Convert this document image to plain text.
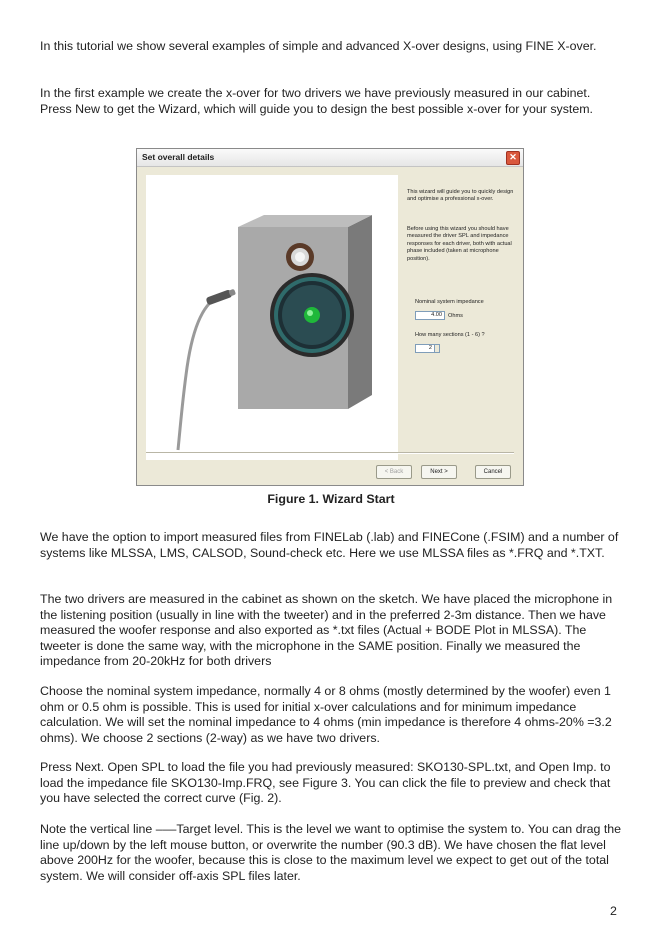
In this tutorial we show several examples of simple and advanced X-over designs, using FINE X-over.

In the first example we create the x-over for two drivers we have previously measured in our cabinet. Press New to get the Wizard, which will guide you to design the best possible x-over for your system.

Set overall details	✕

This wizard will guide you to quickly design and optimise a professional x-over.

Before using this wizard you should have measured the driver SPL and impedance responses for each driver, both with actual phase included (taken at microphone position).

Nominal system impedance
4.00	Ohms
How many sections (1 - 6) ?
2
< Back	Next >	Cancel
Figure 1. Wizard Start

We have the option to import measured files from FINELab (.lab) and FINECone (.FSIM) and a number of systems like MLSSA, LMS, CALSOD, Sound-check etc. Here we use MLSSA files as *.FRQ and *.TXT.

The two drivers are measured in the cabinet as shown on the sketch. We have placed the microphone in the listening position (usually in line with the tweeter) and in the preferred 2-3m distance. Then we have measured the woofer response and also exported as *.txt files (Actual + BODE Plot in MLSSA). The tweeter is done the same way, with the microphone in the SAME position. Finally we measured the impedance from 20-20kHz for both drivers

Choose the nominal system impedance, normally 4 or 8 ohms (mostly determined by the woofer) even 1 ohm or 0.5 ohm is possible. This is used for initial x-over calculations and for minimum impedance calculation. We will set the nominal impedance to 4 ohms (min impedance is therefore 4 ohms-20% =3.2 ohms). We choose 2 sections (2-way) as we have two drivers.

Press Next. Open SPL to load the file you had previously measured: SKO130-SPL.txt, and Open Imp. to load the impedance file SKO130-Imp.FRQ, see Figure 3. You can click the file to preview and check that you have selected the correct curve (Fig. 2).

Note the vertical line –––Target level. This is the level we want to optimise the system to. You can drag the line up/down by the left mouse button, or overwrite the number (90.3 dB). We have chosen the flat level above 200Hz for the woofer, because this is close to the maximum level we expect to get out of the total system. We will consider off-axis SPL files later.

2
